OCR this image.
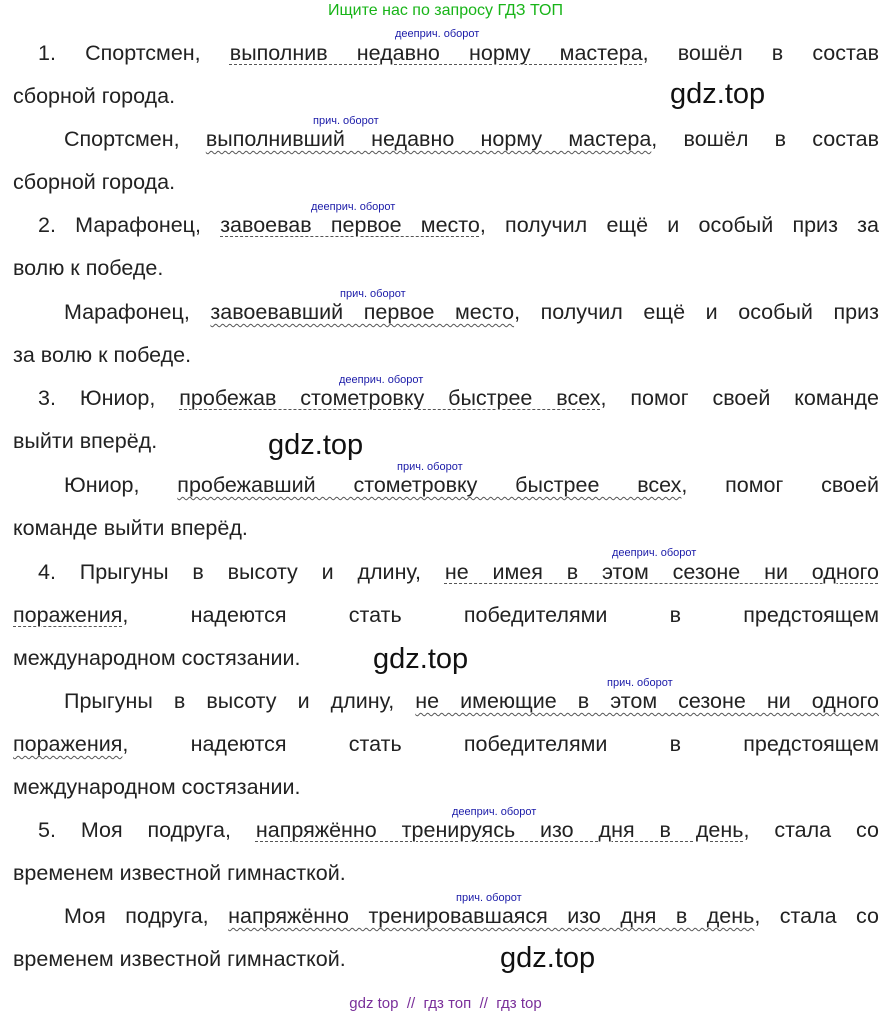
Ищите нас по запросу ГДЗ ТОП
дееприч. оборот
1. Спортсмен, выполнив недавно норму мастера, вошёл в состав
сборной города.	gdz.top
прич. оборот
Спортсмен, выполнивший недавно норму мастера, вошёл в состав
сборной города.
дееприч. оборот
2. Марафонец, завоевав первое место, получил ещё и особый приз за
волю к победе.
прич. оборот
Марафонец, завоевавший первое место, получил ещё и особый приз
за волю к победе.
дееприч. оборот
3. Юниор, пробежав стометровку быстрее всех, помог своей команде
выйти вперёд.	gdz.top
прич. оборот
Юниор, пробежавший стометровку быстрее всех, помог своей
команде выйти вперёд.
дееприч. оборот
4. Прыгуны в высоту и длину, не имея в этом сезоне ни одного
поражения, надеются стать победителями в предстоящем
международном состязании.	gdz.top
прич. оборот
Прыгуны в высоту и длину, не имеющие в этом сезоне ни одного
поражения, надеются стать победителями в предстоящем
международном состязании.
дееприч. оборот
5. Моя подруга, напряжённо тренируясь изо дня в день, стала со
временем известной гимнасткой.
прич. оборот
Моя подруга, напряжённо тренировавшаяся изо дня в день, стала со
временем известной гимнасткой.	gdz.top
gdz top  //  гдз топ  //  гдз top
